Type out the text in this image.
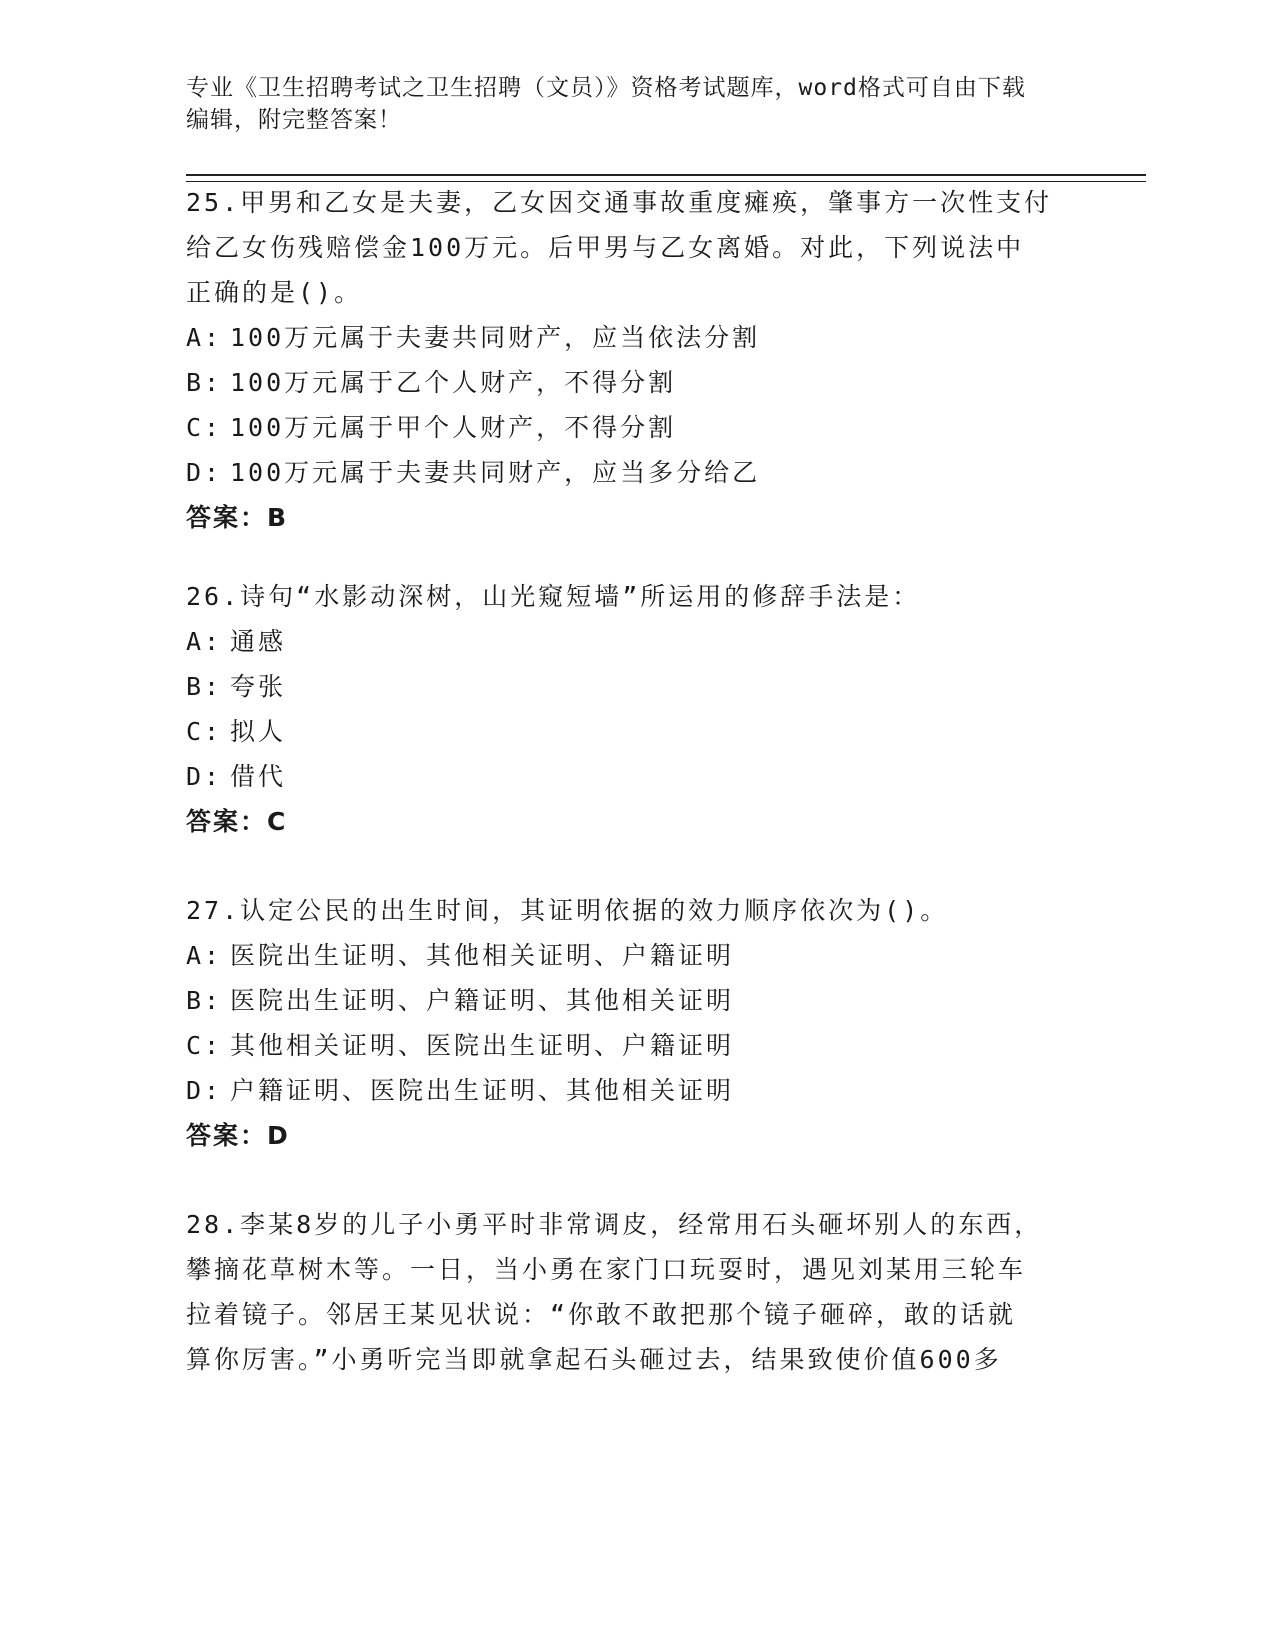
专业《卫生招聘考试之卫生招聘（文员）》资格考试题库，word格式可自由下载
编辑，附完整答案！
25.甲男和乙女是夫妻，乙女因交通事故重度瘫痪，肇事方一次性支付
给乙女伤残赔偿金100万元。后甲男与乙女离婚。对此，下列说法中
正确的是()。
A: 100万元属于夫妻共同财产，应当依法分割
B: 100万元属于乙个人财产，不得分割
C: 100万元属于甲个人财产，不得分割
D: 100万元属于夫妻共同财产，应当多分给乙
答案：B
26.诗句“水影动深树，山光窥短墙”所运用的修辞手法是：
A: 通感
B: 夸张
C: 拟人
D: 借代
答案：C
27.认定公民的出生时间，其证明依据的效力顺序依次为()。
A: 医院出生证明、其他相关证明、户籍证明
B: 医院出生证明、户籍证明、其他相关证明
C: 其他相关证明、医院出生证明、户籍证明
D: 户籍证明、医院出生证明、其他相关证明
答案：D
28.李某8岁的儿子小勇平时非常调皮，经常用石头砸坏别人的东西，
攀摘花草树木等。一日，当小勇在家门口玩耍时，遇见刘某用三轮车
拉着镜子。邻居王某见状说：“你敢不敢把那个镜子砸碎，敢的话就
算你厉害。”小勇听完当即就拿起石头砸过去，结果致使价值600多
